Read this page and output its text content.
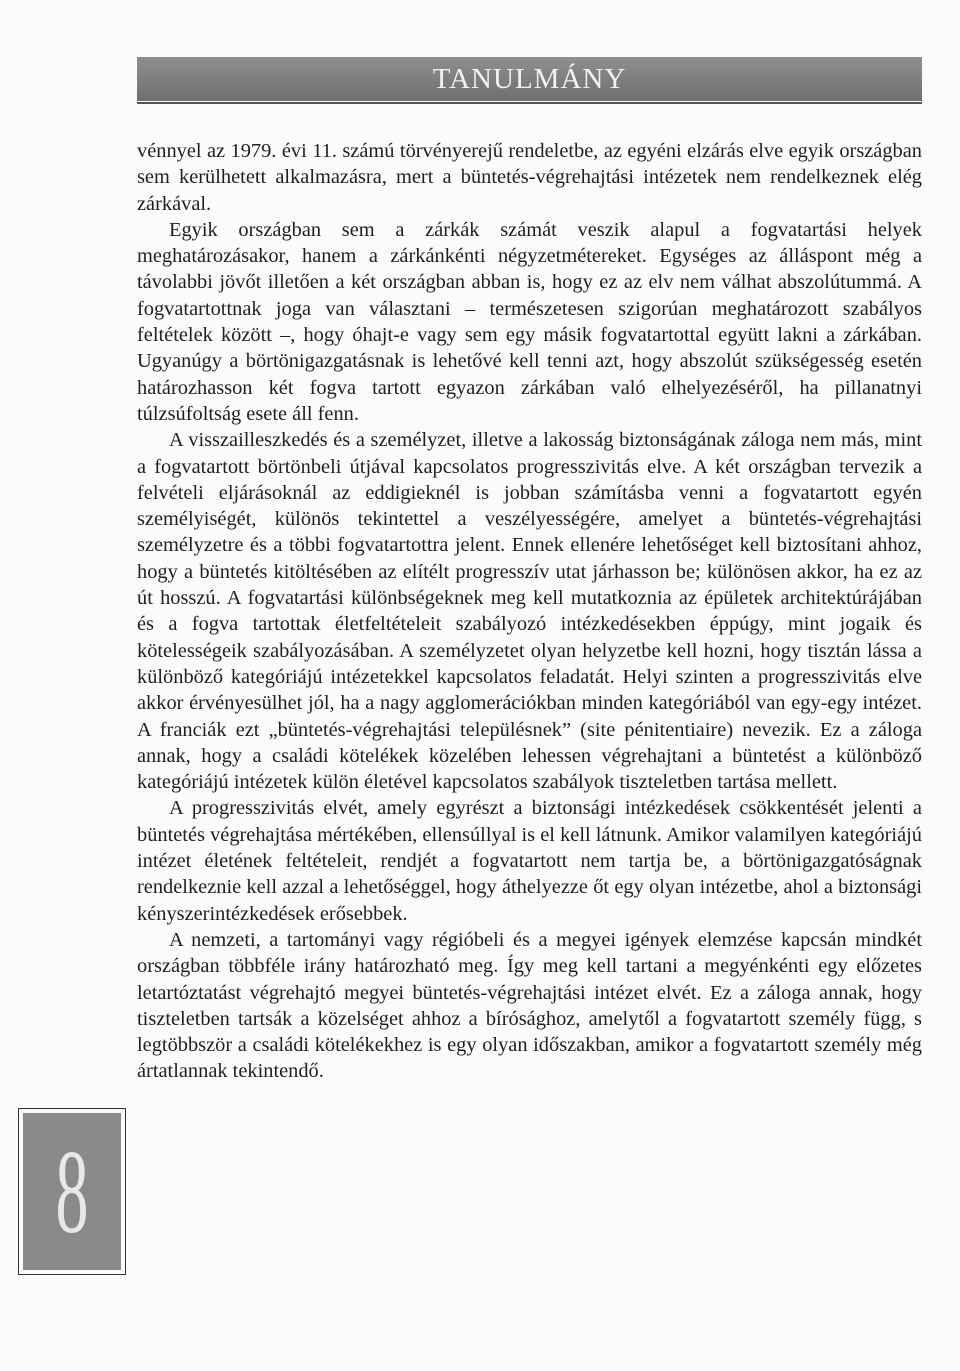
TANULMÁNY

vénnyel az 1979. évi 11. számú törvényerejű rendeletbe, az egyéni elzárás elve egyik országban sem kerülhetett alkalmazásra, mert a büntetés-végrehajtási intézetek nem rendelkeznek elég zárkával.

Egyik országban sem a zárkák számát veszik alapul a fogvatartási helyek meghatározásakor, hanem a zárkánkénti négyzetmétereket. Egységes az álláspont még a távolabbi jövőt illetően a két országban abban is, hogy ez az elv nem válhat abszolútummá. A fogvatartottnak joga van választani – természetesen szigorúan meghatározott szabályos feltételek között –, hogy óhajt-e vagy sem egy másik fogvatartottal együtt lakni a zárkában. Ugyanúgy a börtönigazgatásnak is lehetővé kell tenni azt, hogy abszolút szükségesség esetén határozhasson két fogva tartott egyazon zárkában való elhelyezéséről, ha pillanatnyi túlzsúfoltság esete áll fenn.

A visszailleszkedés és a személyzet, illetve a lakosság biztonságának záloga nem más, mint a fogvatartott börtönbeli útjával kapcsolatos progresszivitás elve. A két országban tervezik a felvételi eljárásoknál az eddigieknél is jobban számításba venni a fogvatartott egyén személyiségét, különös tekintettel a veszélyességére, amelyet a büntetés-végrehajtási személyzetre és a többi fogvatartottra jelent. Ennek ellenére lehetőséget kell biztosítani ahhoz, hogy a büntetés kitöltésében az elítélt progresszív utat járhasson be; különösen akkor, ha ez az út hosszú. A fogvatartási különbségeknek meg kell mutatkoznia az épületek architektúrájában és a fogva tartottak életfeltételeit szabályozó intézkedésekben éppúgy, mint jogaik és kötelességeik szabályozásában. A személyzetet olyan helyzetbe kell hozni, hogy tisztán lássa a különböző kategóriájú intézetekkel kapcsolatos feladatát. Helyi szinten a progresszivitás elve akkor érvényesülhet jól, ha a nagy agglomerációkban minden kategóriából van egy-egy intézet. A franciák ezt „büntetés-végrehajtási településnek” (site pénitentiaire) nevezik. Ez a záloga annak, hogy a családi kötelékek közelében lehessen végrehajtani a büntetést a különböző kategóriájú intézetek külön életével kapcsolatos szabályok tiszteletben tartása mellett.

A progresszivitás elvét, amely egyrészt a biztonsági intézkedések csökkentését jelenti a büntetés végrehajtása mértékében, ellensúllyal is el kell látnunk. Amikor valamilyen kategóriájú intézet életének feltételeit, rendjét a fogvatartott nem tartja be, a börtönigazgatóságnak rendelkeznie kell azzal a lehetőséggel, hogy áthelyezze őt egy olyan intézetbe, ahol a biztonsági kényszerintézkedések erősebbek.

A nemzeti, a tartományi vagy régióbeli és a megyei igények elemzése kapcsán mindkét országban többféle irány határozható meg. Így meg kell tartani a megyénkénti egy előzetes letartóztatást végrehajtó megyei büntetés-végrehajtási intézet elvét. Ez a záloga annak, hogy tiszteletben tartsák a közelséget ahhoz a bírósághoz, amelytől a fogvatartott személy függ, s legtöbbször a családi kötelékekhez is egy olyan időszakban, amikor a fogvatartott személy még ártatlannak tekintendő.

8
